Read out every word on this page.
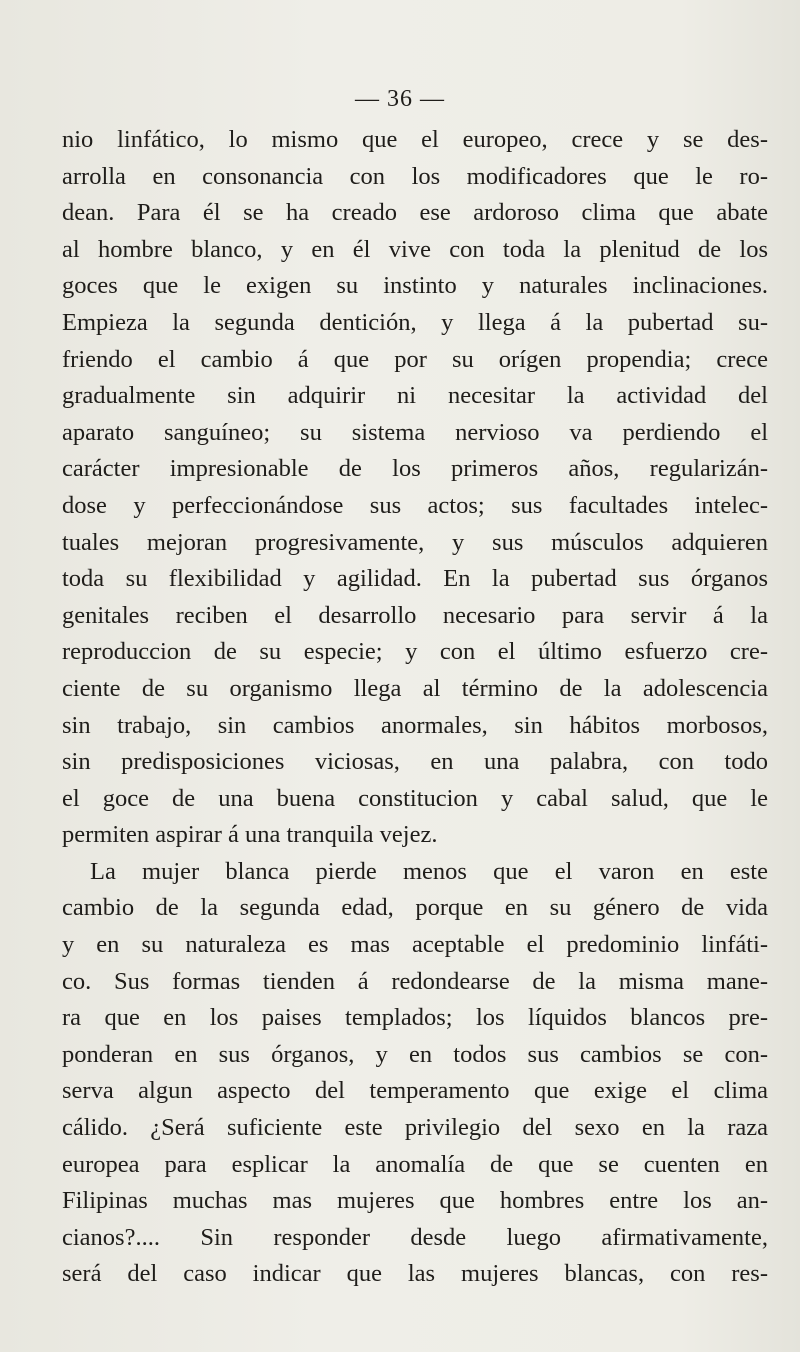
— 36 —
nio linfático, lo mismo que el europeo, crece y se des-
arrolla en consonancia con los modificadores que le ro-
dean. Para él se ha creado ese ardoroso clima que abate
al hombre blanco, y en él vive con toda la plenitud de los
goces que le exigen su instinto y naturales inclinaciones.
Empieza la segunda dentición, y llega á la pubertad su-
friendo el cambio á que por su orígen propendia; crece
gradualmente sin adquirir ni necesitar la actividad del
aparato sanguíneo; su sistema nervioso va perdiendo el
carácter impresionable de los primeros años, regularizán-
dose y perfeccionándose sus actos; sus facultades intelec-
tuales mejoran progresivamente, y sus músculos adquieren
toda su flexibilidad y agilidad. En la pubertad sus órganos
genitales reciben el desarrollo necesario para servir á la
reproduccion de su especie; y con el último esfuerzo cre-
ciente de su organismo llega al término de la adolescencia
sin trabajo, sin cambios anormales, sin hábitos morbosos,
sin predisposiciones viciosas, en una palabra, con todo
el goce de una buena constitucion y cabal salud, que le
permiten aspirar á una tranquila vejez.
La mujer blanca pierde menos que el varon en este
cambio de la segunda edad, porque en su género de vida
y en su naturaleza es mas aceptable el predominio linfáti-
co. Sus formas tienden á redondearse de la misma mane-
ra que en los paises templados; los líquidos blancos pre-
ponderan en sus órganos, y en todos sus cambios se con-
serva algun aspecto del temperamento que exige el clima
cálido. ¿Será suficiente este privilegio del sexo en la raza
europea para esplicar la anomalía de que se cuenten en
Filipinas muchas mas mujeres que hombres entre los an-
cianos?.... Sin responder desde luego afirmativamente,
será del caso indicar que las mujeres blancas, con res-
